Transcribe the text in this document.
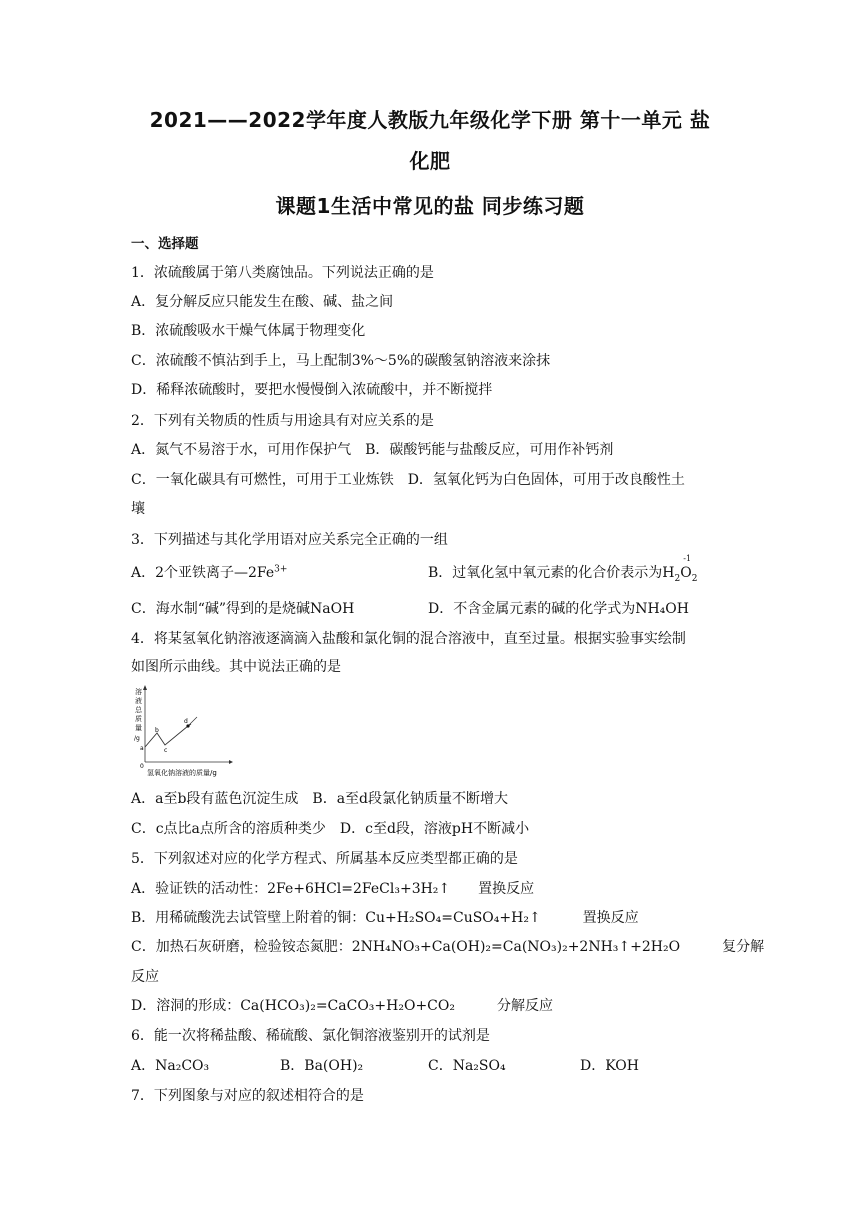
2021——2022学年度人教版九年级化学下册 第十一单元 盐
化肥
课题1生活中常见的盐 同步练习题
一、选择题
1．浓硫酸属于第八类腐蚀品。下列说法正确的是
A．复分解反应只能发生在酸、碱、盐之间
B．浓硫酸吸水干燥气体属于物理变化
C．浓硫酸不慎沾到手上，马上配制3%～5%的碳酸氢钠溶液来涂抹
D．稀释浓硫酸时，要把水慢慢倒入浓硫酸中，并不断搅拌
2．下列有关物质的性质与用途具有对应关系的是
A．氮气不易溶于水，可用作保护气　B．碳酸钙能与盐酸反应，可用作补钙剂
C．一氧化碳具有可燃性，可用于工业炼铁　D．氢氧化钙为白色固体，可用于改良酸性土
壤
3．下列描述与其化学用语对应关系完全正确的一组
A．2个亚铁离子$—2Fe^{3+}$	B．过氧化氢中氧元素的化合价表示为$H_2O$
-1
$_2$
C．海水制“碱”得到的是烧碱NaOH	D．不含金属元素的碱的化学式为NH₄OH
4．将某氢氧化钠溶液逐滴滴入盐酸和氯化铜的混合溶液中，直至过量。根据实验事实绘制
如图所示曲线。其中说法正确的是
溶
液
总
质
量
/g
a
b
c
d
0
氢氧化钠溶液的质量/g
A．a至b段有蓝色沉淀生成　B．a至d段氯化钠质量不断增大
C．c点比a点所含的溶质种类少　D．c至d段，溶液pH不断减小
5．下列叙述对应的化学方程式、所属基本反应类型都正确的是
A．验证铁的活动性：2Fe+6HCl=2FeCl₃+3H₂↑　　置换反应
B．用稀硫酸洗去试管壁上附着的铜：Cu+H₂SO₄=CuSO₄+H₂↑　　　置换反应
C．加热石灰研磨，检验铵态氮肥：2NH₄NO₃+Ca(OH)₂=Ca(NO₃)₂+2NH₃↑+2H₂O　　　复分解
反应
D．溶洞的形成：Ca(HCO₃)₂=CaCO₃+H₂O+CO₂　　　分解反应
6．能一次将稀盐酸、稀硫酸、氯化铜溶液鉴别开的试剂是
A．Na₂CO₃	B．Ba(OH)₂	C．Na₂SO₄	D．KOH
7．下列图象与对应的叙述相符合的是
